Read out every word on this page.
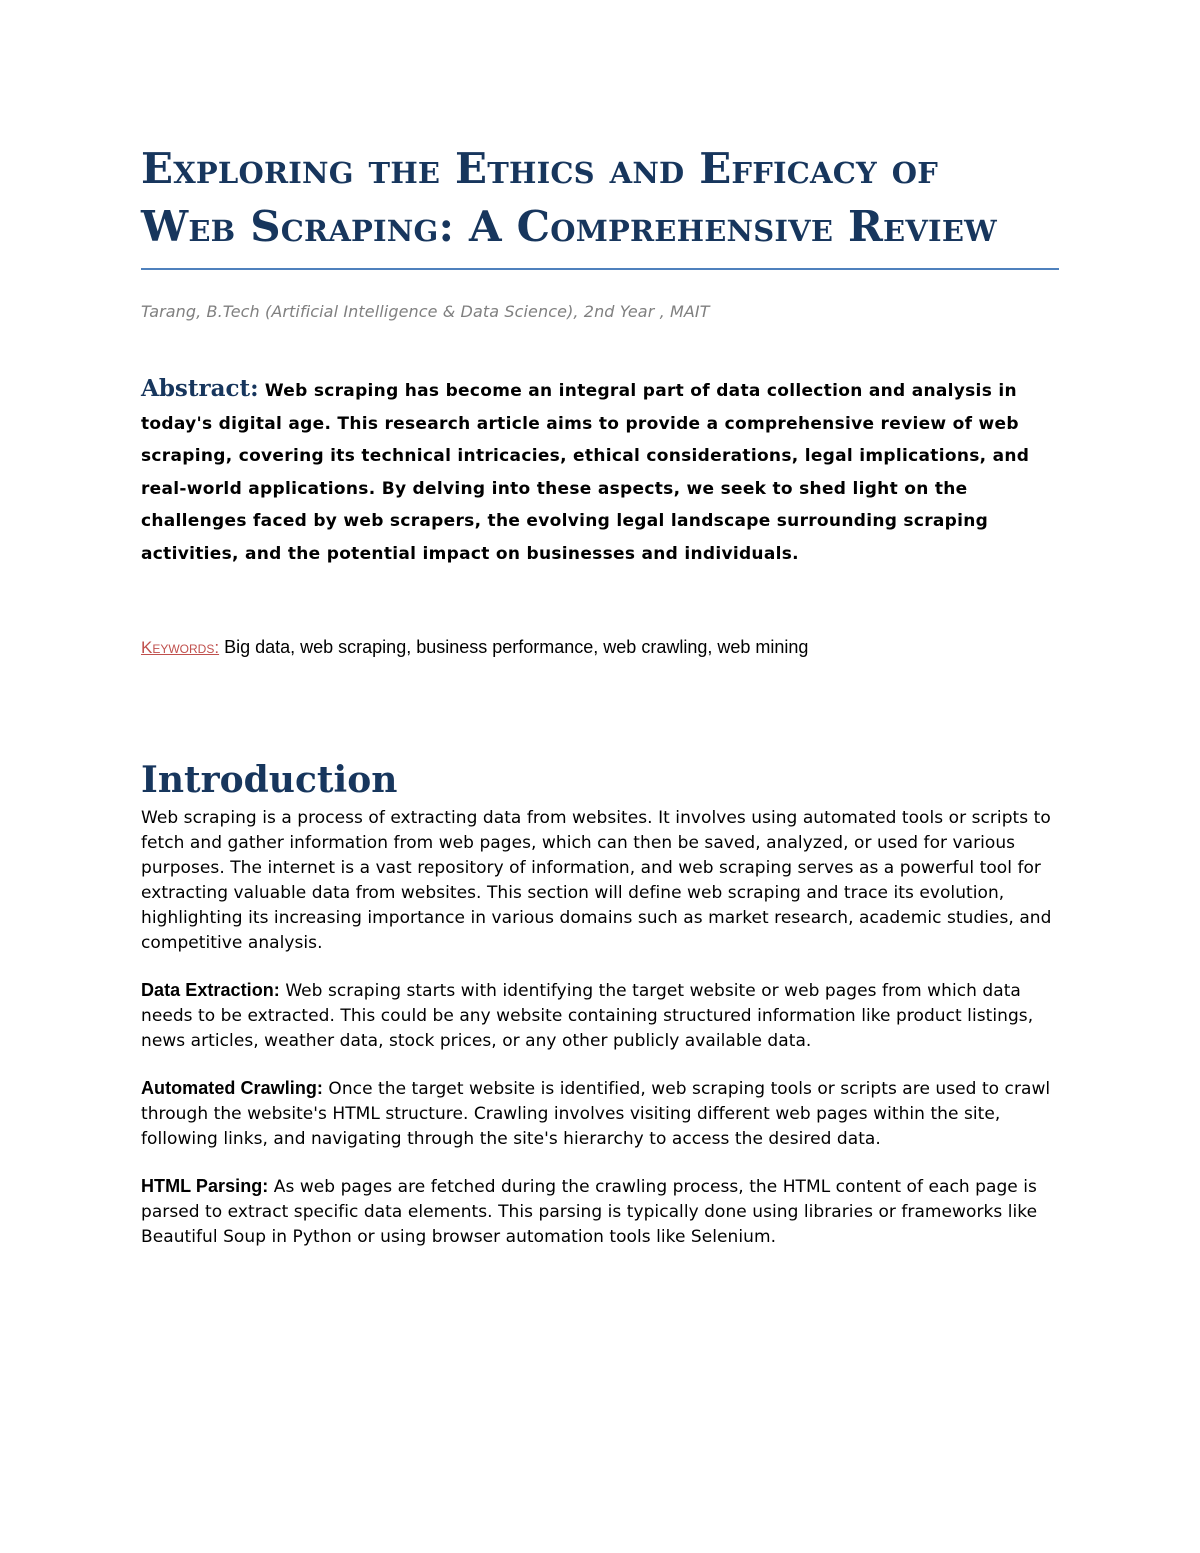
Exploring the Ethics and Efficacy of
Web Scraping: A Comprehensive Review
Tarang, B.Tech (Artificial Intelligence & Data Science), 2nd Year , MAIT
Abstract: Web scraping has become an integral part of data collection and analysis in today's digital age. This research article aims to provide a comprehensive review of web scraping, covering its technical intricacies, ethical considerations, legal implications, and real-world applications. By delving into these aspects, we seek to shed light on the challenges faced by web scrapers, the evolving legal landscape surrounding scraping activities, and the potential impact on businesses and individuals.
Keywords: Big data, web scraping, business performance, web crawling, web mining
Introduction

Web scraping is a process of extracting data from websites. It involves using automated tools or scripts to fetch and gather information from web pages, which can then be saved, analyzed, or used for various purposes. The internet is a vast repository of information, and web scraping serves as a powerful tool for extracting valuable data from websites. This section will define web scraping and trace its evolution, highlighting its increasing importance in various domains such as market research, academic studies, and competitive analysis.

Data Extraction: Web scraping starts with identifying the target website or web pages from which data needs to be extracted. This could be any website containing structured information like product listings, news articles, weather data, stock prices, or any other publicly available data.

Automated Crawling: Once the target website is identified, web scraping tools or scripts are used to crawl through the website's HTML structure. Crawling involves visiting different web pages within the site, following links, and navigating through the site's hierarchy to access the desired data.

HTML Parsing: As web pages are fetched during the crawling process, the HTML content of each page is parsed to extract specific data elements. This parsing is typically done using libraries or frameworks like Beautiful Soup in Python or using browser automation tools like Selenium.
